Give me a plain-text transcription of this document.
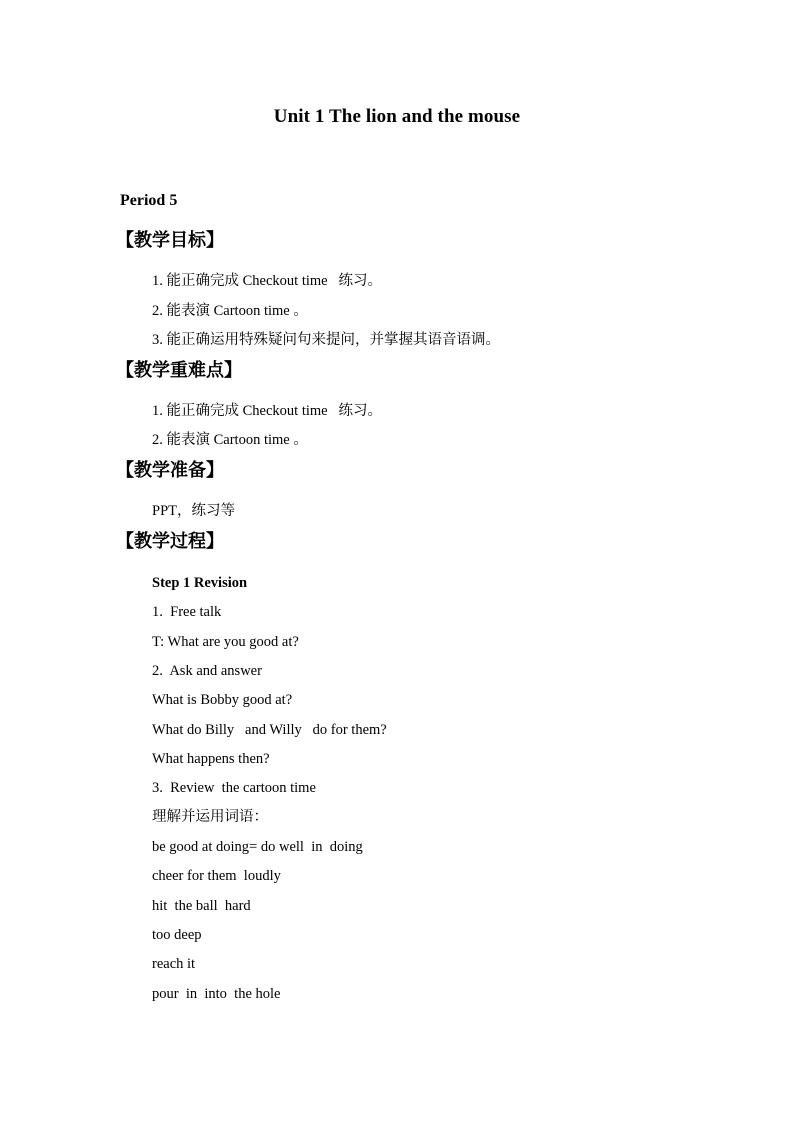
Unit 1 The lion and the mouse
Period 5
【教学目标】
1. 能正确完成 Checkout time   练习。
2. 能表演 Cartoon time 。
3. 能正确运用特殊疑问句来提问，并掌握其语音语调。
【教学重难点】
1. 能正确完成 Checkout time   练习。
2. 能表演 Cartoon time 。
【教学准备】
PPT，练习等
【教学过程】
Step 1 Revision
1.  Free talk
T: What are you good at?
2.  Ask and answer
What is Bobby good at?
What do Billy   and Willy   do for them?
What happens then?
3.  Review  the cartoon time
理解并运用词语：
be good at doing= do well  in  doing
cheer for them  loudly
hit  the ball  hard
too deep
reach it
pour  in  into  the hole
